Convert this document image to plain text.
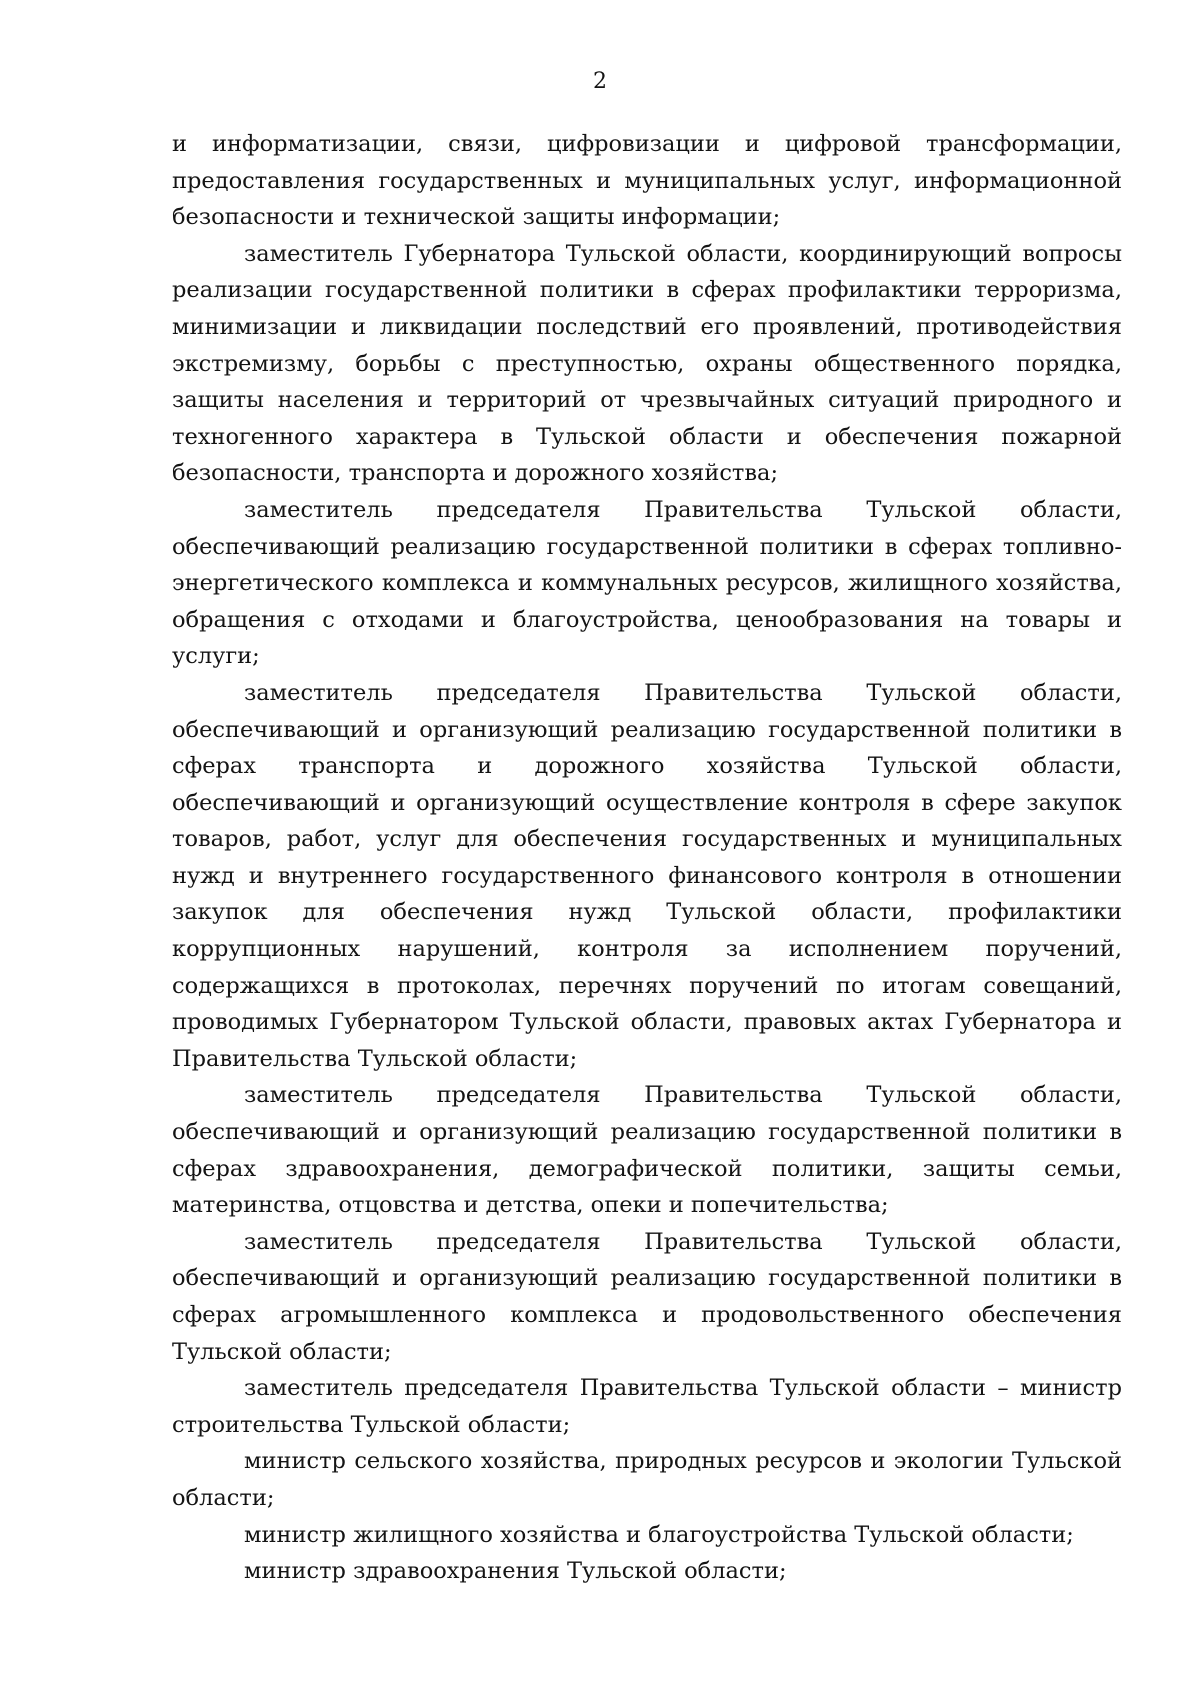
2

и информатизации, связи, цифровизации и цифровой трансформации, предоставления государственных и муниципальных услуг, информационной безопасности и технической защиты информации;

заместитель Губернатора Тульской области, координирующий вопросы реализации государственной политики в сферах профилактики терроризма, минимизации и ликвидации последствий его проявлений, противодействия экстремизму, борьбы с преступностью, охраны общественного порядка, защиты населения и территорий от чрезвычайных ситуаций природного и техногенного характера в Тульской области и обеспечения пожарной безопасности, транспорта и дорожного хозяйства;

заместитель председателя Правительства Тульской области, обеспечивающий реализацию государственной политики в сферах топливно-энергетического комплекса и коммунальных ресурсов, жилищного хозяйства, обращения с отходами и благоустройства, ценообразования на товары и услуги;

заместитель председателя Правительства Тульской области, обеспечивающий и организующий реализацию государственной политики в сферах транспорта и дорожного хозяйства Тульской области, обеспечивающий и организующий осуществление контроля в сфере закупок товаров, работ, услуг для обеспечения государственных и муниципальных нужд и внутреннего государственного финансового контроля в отношении закупок для обеспечения нужд Тульской области, профилактики коррупционных нарушений, контроля за исполнением поручений, содержащихся в протоколах, перечнях поручений по итогам совещаний, проводимых Губернатором Тульской области, правовых актах Губернатора и Правительства Тульской области;

заместитель председателя Правительства Тульской области, обеспечивающий и организующий реализацию государственной политики в сферах здравоохранения, демографической политики, защиты семьи, материнства, отцовства и детства, опеки и попечительства;

заместитель председателя Правительства Тульской области, обеспечивающий и организующий реализацию государственной политики в сферах агромышленного комплекса и продовольственного обеспечения Тульской области;

заместитель председателя Правительства Тульской области – министр строительства Тульской области;

министр сельского хозяйства, природных ресурсов и экологии Тульской области;

министр жилищного хозяйства и благоустройства Тульской области;

министр здравоохранения Тульской области;
